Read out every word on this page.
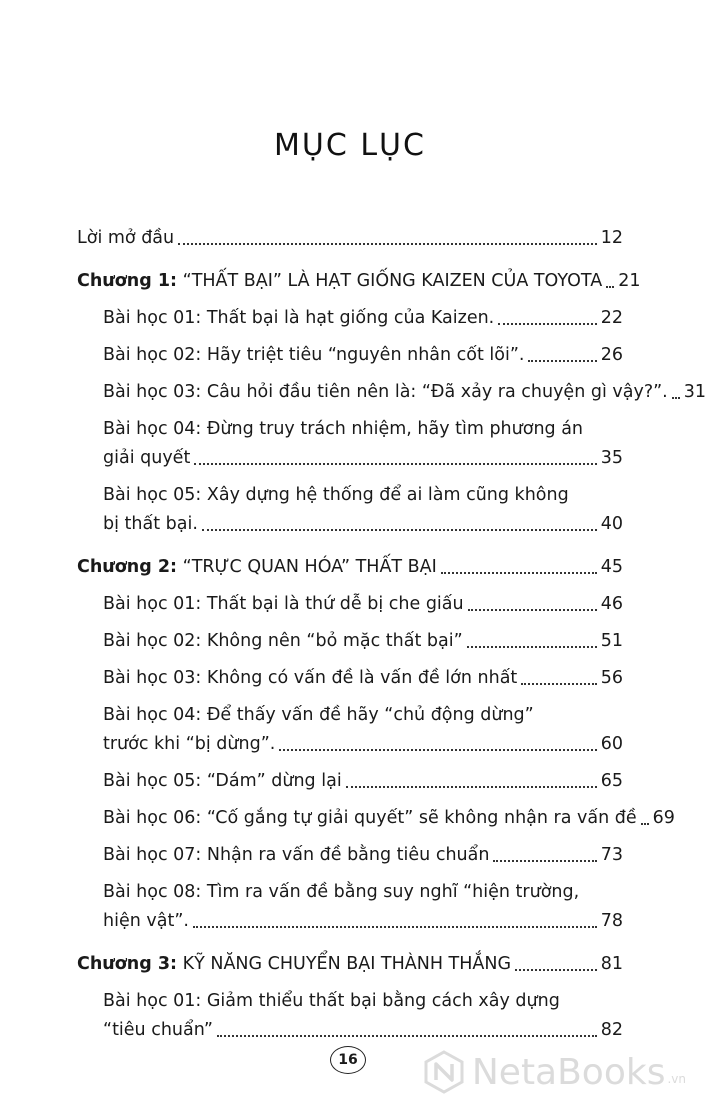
MỤC LỤC
Lời mở đầu	12
Chương 1: “THẤT BẠI” LÀ HẠT GIỐNG KAIZEN CỦA TOYOTA 21
Bài học 01: Thất bại là hạt giống của Kaizen.	22
Bài học 02: Hãy triệt tiêu “nguyên nhân cốt lõi”.	26
Bài học 03: Câu hỏi đầu tiên nên là: “Đã xảy ra chuyện gì vậy?”. 31
Bài học 04: Đừng truy trách nhiệm, hãy tìm phương án
giải quyết	35
Bài học 05: Xây dựng hệ thống để ai làm cũng không
bị thất bại.	40
Chương 2: “TRỰC QUAN HÓA” THẤT BẠI	45
Bài học 01: Thất bại là thứ dễ bị che giấu	46
Bài học 02: Không nên “bỏ mặc thất bại”	51
Bài học 03: Không có vấn đề là vấn đề lớn nhất	56
Bài học 04: Để thấy vấn đề hãy “chủ động dừng”
trước khi “bị dừng”.	60
Bài học 05: “Dám” dừng lại	65
Bài học 06: “Cố gắng tự giải quyết” sẽ không nhận ra vấn đề 69
Bài học 07: Nhận ra vấn đề bằng tiêu chuẩn	73
Bài học 08: Tìm ra vấn đề bằng suy nghĩ “hiện trường,
hiện vật”.	78
Chương 3: KỸ NĂNG CHUYỂN BẠI THÀNH THẮNG	81
Bài học 01: Giảm thiểu thất bại bằng cách xây dựng
“tiêu chuẩn”	82
16	NetaBooks .vn
